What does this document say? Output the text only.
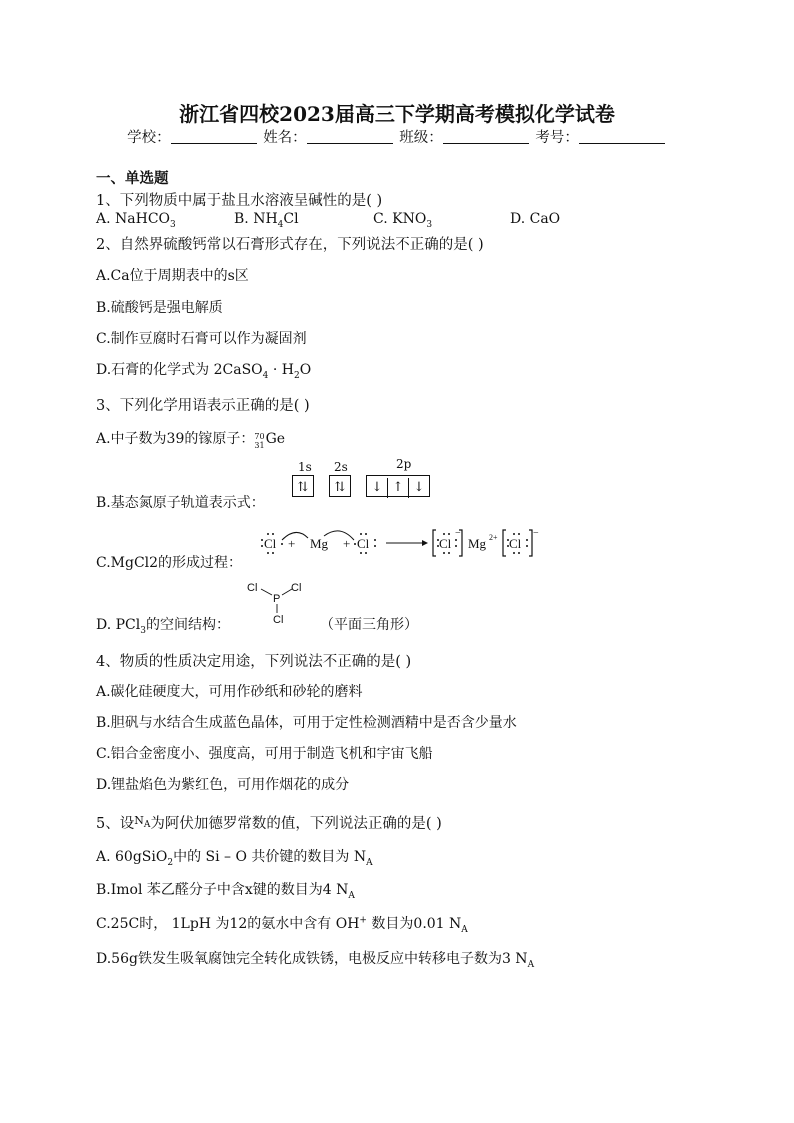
浙江省四校2023届高三下学期高考模拟化学试卷
学校：	姓名：	班级：	考号：
一、单选题
1、下列物质中属于盐且水溶液呈碱性的是( )
A. NaHCO$_3$	B. $NH_4Cl$	C. $KNO_3$	D. CaO
2、自然界硫酸钙常以石膏形式存在，下列说法不正确的是( )
A.Ca位于周期表中的s区
B.硫酸钙是强电解质
C.制作豆腐时石膏可以作为凝固剂
D.石膏的化学式为 2CaSO$_4$ · $H_2O$
3、下列化学用语表示正确的是( )
A.中子数为39的镓原子：70
31Ge
B.基态氮原子轨道表示式：
1s 2s	2p
⇅	⇅	↓ ↑ ↓
C.MgCl2的形成过程：
Cl + Mg + Cl	Cl Mg 2+ Cl
−	−
D. PCl$_3$的空间结构：
Cl
P
Cl
Cl	（平面三角形）
4、物质的性质决定用途，下列说法不正确的是( )
A.碳化硅硬度大，可用作砂纸和砂轮的磨料
B.胆矾与水结合生成蓝色晶体，可用于定性检测酒精中是否含少量水
C.铝合金密度小、强度高，可用于制造飞机和宇宙飞船
D.锂盐焰色为紫红色，可用作烟花的成分
5、设$^{N_A}$为阿伏加德罗常数的值，下列说法正确的是( )
A. 60gSiO$_2$中的 Si – O 共价键的数目为 $N_A$
B.Imol 苯乙醛分子中含x键的数目为4 $N_A$
C.25C时， 1LpH 为12的氨水中含有 OH+ 数目为0.01 $N_A$
D.56g铁发生吸氧腐蚀完全转化成铁锈，电极反应中转移电子数为3 $N_A$
